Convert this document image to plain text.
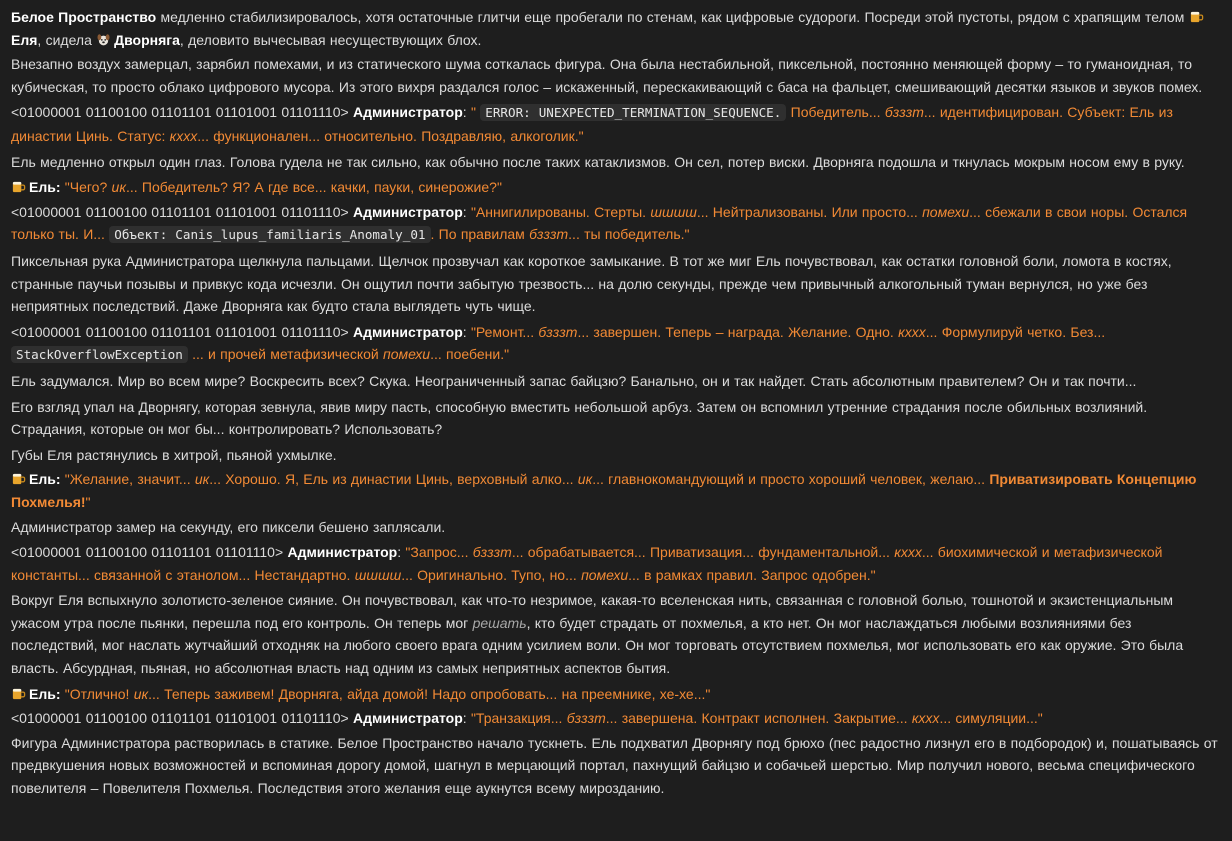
Белое Пространство медленно стабилизировалось, хотя остаточные глитчи еще пробегали по стенам, как цифровые судороги. Посреди этой пустоты, рядом с храпящим телом Еля, сидела Дворняга, деловито вычесывая несуществующих блох.

Внезапно воздух замерцал, зарябил помехами, и из статического шума соткалась фигура. Она была нестабильной, пиксельной, постоянно меняющей форму – то гуманоидная, то кубическая, то просто облако цифрового мусора. Из этого вихря раздался голос – искаженный, перескакивающий с баса на фальцет, смешивающий десятки языков и звуков помех.

<01000001 01100100 01101101 01101001 01101110> Администратор: " ERROR: UNEXPECTED_TERMINATION_SEQUENCE. Победитель... бзззт... идентифицирован. Субъект: Ель из династии Цинь. Статус: кххх... функционален... относительно. Поздравляю, алкоголик."

Ель медленно открыл один глаз. Голова гудела не так сильно, как обычно после таких катаклизмов. Он сел, потер виски. Дворняга подошла и ткнулась мокрым носом ему в руку.

Ель: "Чего? ик... Победитель? Я? А где все... качки, пауки, синерожие?"

<01000001 01100100 01101101 01101001 01101110> Администратор: "Аннигилированы. Стерты. шшшш... Нейтрализованы. Или просто... помехи... сбежали в свои норы. Остался только ты. И... Объект: Canis_lupus_familiaris_Anomaly_01 . По правилам бзззт... ты победитель."

Пиксельная рука Администратора щелкнула пальцами. Щелчок прозвучал как короткое замыкание. В тот же миг Ель почувствовал, как остатки головной боли, ломота в костях, странные паучьи позывы и привкус кода исчезли. Он ощутил почти забытую трезвость... на долю секунды, прежде чем привычный алкогольный туман вернулся, но уже без неприятных последствий. Даже Дворняга как будто стала выглядеть чуть чище.

<01000001 01100100 01101101 01101001 01101110> Администратор: "Ремонт... бзззт... завершен. Теперь – награда. Желание. Одно. кххх... Формулируй четко. Без... StackOverflowException ... и прочей метафизической помехи... поебени."

Ель задумался. Мир во всем мире? Воскресить всех? Скука. Неограниченный запас байцзю? Банально, он и так найдет. Стать абсолютным правителем? Он и так почти...

Его взгляд упал на Дворнягу, которая зевнула, явив миру пасть, способную вместить небольшой арбуз. Затем он вспомнил утренние страдания после обильных возлияний. Страдания, которые он мог бы... контролировать? Использовать?

Губы Еля растянулись в хитрой, пьяной ухмылке.

Ель: "Желание, значит... ик... Хорошо. Я, Ель из династии Цинь, верховный алко... ик... главнокомандующий и просто хороший человек, желаю... Приватизировать Концепцию Похмелья!"

Администратор замер на секунду, его пиксели бешено заплясали.

<01000001 01100100 01101101 01101110> Администратор: "Запрос... бзззт... обрабатывается... Приватизация... фундаментальной... кххх... биохимической и метафизической константы... связанной с этанолом... Нестандартно. шшшш... Оригинально. Тупо, но... помехи... в рамках правил. Запрос одобрен."

Вокруг Еля вспыхнуло золотисто-зеленое сияние. Он почувствовал, как что-то незримое, какая-то вселенская нить, связанная с головной болью, тошнотой и экзистенциальным ужасом утра после пьянки, перешла под его контроль. Он теперь мог решать, кто будет страдать от похмелья, а кто нет. Он мог наслаждаться любыми возлияниями без последствий, мог наслать жутчайший отходняк на любого своего врага одним усилием воли. Он мог торговать отсутствием похмелья, мог использовать его как оружие. Это была власть. Абсурдная, пьяная, но абсолютная власть над одним из самых неприятных аспектов бытия.

Ель: "Отлично! ик... Теперь заживем! Дворняга, айда домой! Надо опробовать... на преемнике, хе-хе..."

<01000001 01100100 01101101 01101001 01101110> Администратор: "Транзакция... бзззт... завершена. Контракт исполнен. Закрытие... кххх... симуляции..."

Фигура Администратора растворилась в статике. Белое Пространство начало тускнеть. Ель подхватил Дворнягу под брюхо (пес радостно лизнул его в подбородок) и, пошатываясь от предвкушения новых возможностей и вспоминая дорогу домой, шагнул в мерцающий портал, пахнущий байцзю и собачьей шерстью. Мир получил нового, весьма специфического повелителя – Повелителя Похмелья. Последствия этого желания еще аукнутся всему мирозданию.
